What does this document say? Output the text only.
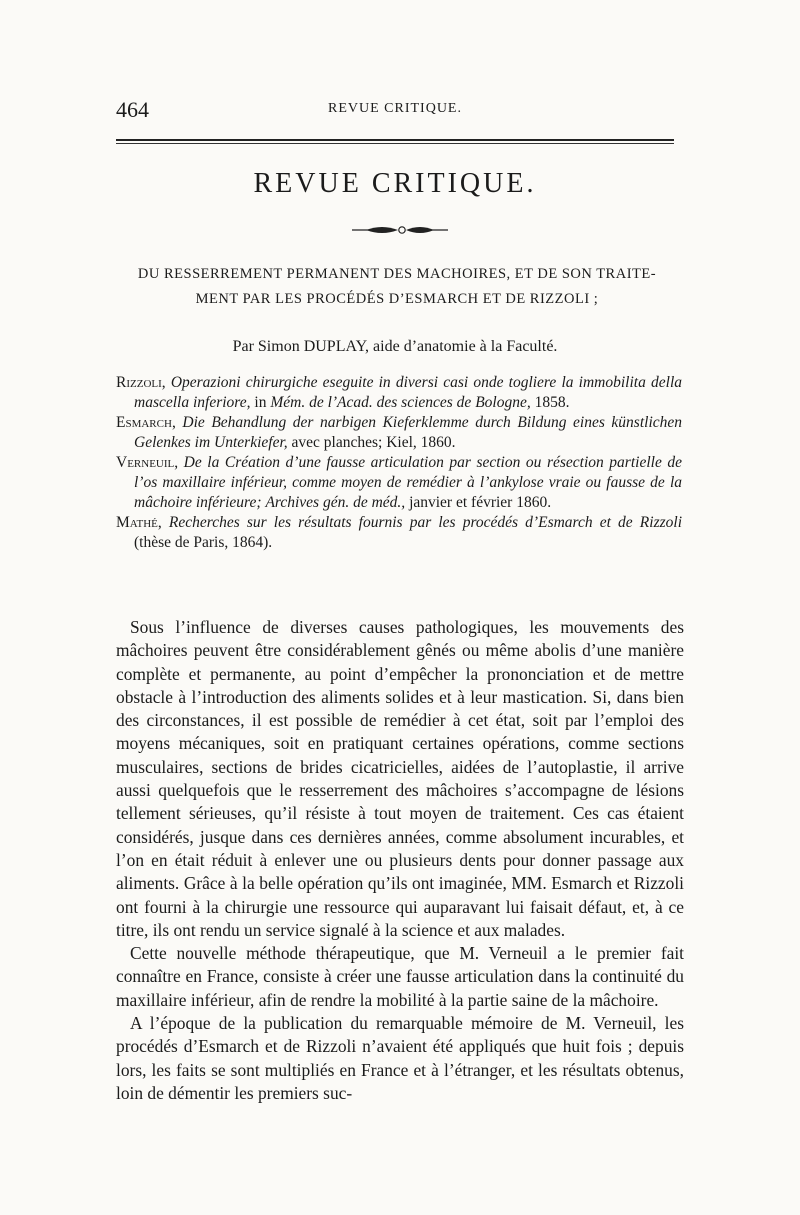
464	REVUE CRITIQUE.
REVUE CRITIQUE.
DU RESSERREMENT PERMANENT DES MACHOIRES, ET DE SON TRAITE-
MENT PAR LES PROCÉDÉS D’ESMARCH ET DE RIZZOLI ;
Par Simon DUPLAY, aide d’anatomie à la Faculté.

Rizzoli, Operazioni chirurgiche eseguite in diversi casi onde togliere la immobilita della mascella inferiore, in Mém. de l’Acad. des sciences de Bologne, 1858.

Esmarch, Die Behandlung der narbigen Kieferklemme durch Bildung eines künstlichen Gelenkes im Unterkiefer, avec planches; Kiel, 1860.

Verneuil, De la Création d’une fausse articulation par section ou résection partielle de l’os maxillaire inférieur, comme moyen de remédier à l’ankylose vraie ou fausse de la mâchoire inférieure; Archives gén. de méd., janvier et février 1860.

Mathé, Recherches sur les résultats fournis par les procédés d’Esmarch et de Rizzoli (thèse de Paris, 1864).

Sous l’influence de diverses causes pathologiques, les mouvements des mâchoires peuvent être considérablement gênés ou même abolis d’une manière complète et permanente, au point d’empêcher la prononciation et de mettre obstacle à l’introduction des aliments solides et à leur mastication. Si, dans bien des circonstances, il est possible de remédier à cet état, soit par l’emploi des moyens mécaniques, soit en pratiquant certaines opérations, comme sections musculaires, sections de brides cicatricielles, aidées de l’autoplastie, il arrive aussi quelquefois que le resserrement des mâchoires s’accompagne de lésions tellement sérieuses, qu’il résiste à tout moyen de traitement. Ces cas étaient considérés, jusque dans ces dernières années, comme absolument incurables, et l’on en était réduit à enlever une ou plusieurs dents pour donner passage aux aliments. Grâce à la belle opération qu’ils ont imaginée, MM. Esmarch et Rizzoli ont fourni à la chirurgie une ressource qui auparavant lui faisait défaut, et, à ce titre, ils ont rendu un service signalé à la science et aux malades.

Cette nouvelle méthode thérapeutique, que M. Verneuil a le premier fait connaître en France, consiste à créer une fausse articulation dans la continuité du maxillaire inférieur, afin de rendre la mobilité à la partie saine de la mâchoire.

A l’époque de la publication du remarquable mémoire de M. Verneuil, les procédés d’Esmarch et de Rizzoli n’avaient été appliqués que huit fois ; depuis lors, les faits se sont multipliés en France et à l’étranger, et les résultats obtenus, loin de démentir les premiers suc-
